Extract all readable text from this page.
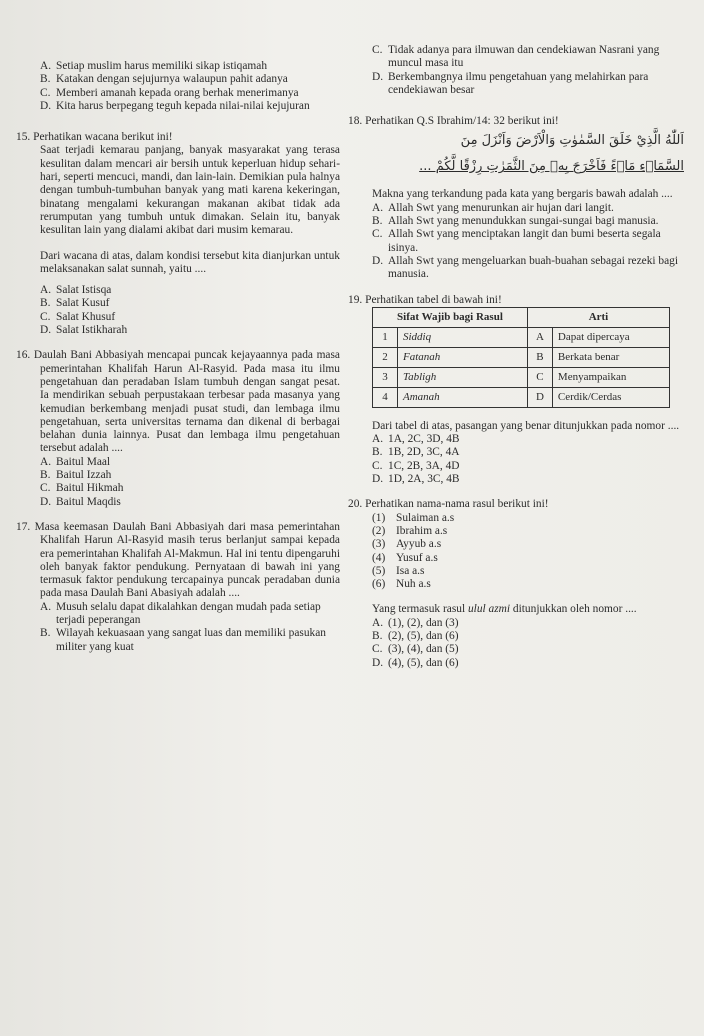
A. Setiap muslim harus memiliki sikap istiqamah
B. Katakan dengan sejujurnya walaupun pahit adanya
C. Memberi amanah kepada orang berhak menerimanya
D. Kita harus berpegang teguh kepada nilai-nilai kejujuran

15. Perhatikan wacana berikut ini!

Saat terjadi kemarau panjang, banyak masyarakat yang terasa kesulitan dalam mencari air bersih untuk keperluan hidup sehari-hari, seperti mencuci, mandi, dan lain-lain. Demikian pula halnya dengan tumbuh-tumbuhan banyak yang mati karena kekeringan, binatang mengalami kekurangan makanan akibat tidak ada rerumputan yang tumbuh untuk dimakan. Selain itu, banyak kesulitan lain yang dialami akibat dari musim kemarau.

Dari wacana di atas, dalam kondisi tersebut kita dianjurkan untuk melaksanakan salat sunnah, yaitu ....

A. Salat Istisqa
B. Salat Kusuf
C. Salat Khusuf
D. Salat Istikharah

16. Daulah Bani Abbasiyah mencapai puncak kejayaannya pada masa pemerintahan Khalifah Harun Al-Rasyid. Pada masa itu ilmu pengetahuan dan peradaban Islam tumbuh dengan sangat pesat. Ia mendirikan sebuah perpustakaan terbesar pada masanya yang kemudian berkembang menjadi pusat studi, dan lembaga ilmu pengetahuan, serta universitas ternama dan dikenal di berbagai belahan dunia lainnya. Pusat dan lembaga ilmu pengetahuan tersebut adalah ....

A. Baitul Maal
B. Baitul Izzah
C. Baitul Hikmah
D. Baitul Maqdis

17. Masa keemasan Daulah Bani Abbasiyah dari masa pemerintahan Khalifah Harun Al-Rasyid masih terus berlanjut sampai kepada era pemerintahan Khalifah Al-Makmun. Hal ini tentu dipengaruhi oleh banyak faktor pendukung. Pernyataan di bawah ini yang termasuk faktor pendukung tercapainya puncak peradaban dunia pada masa Daulah Bani Abasiyah adalah ....

A. Musuh selalu dapat dikalahkan dengan mudah pada setiap terjadi peperangan
B. Wilayah kekuasaan yang sangat luas dan memiliki pasukan militer yang kuat
C. Tidak adanya para ilmuwan dan cendekiawan Nasrani yang muncul masa itu
D. Berkembangnya ilmu pengetahuan yang melahirkan para cendekiawan besar

18. Perhatikan Q.S Ibrahim/14: 32 berikut ini!

اَللّٰهُ الَّذِيْ خَلَقَ السَّمٰوٰتِ وَالْاَرْضَ وَاَنْزَلَ مِنَ
السَّمَاۤءِ مَاۤءً فَاَخْرَجَ بِهٖ مِنَ الثَّمَرٰتِ رِزْقًا لَّكُمْ ...

Makna yang terkandung pada kata yang bergaris bawah adalah ....

A. Allah Swt yang menurunkan air hujan dari langit.
B. Allah Swt yang menundukkan sungai-sungai bagi manusia.
C. Allah Swt yang menciptakan langit dan bumi beserta segala isinya.
D. Allah Swt yang mengeluarkan buah-buahan sebagai rezeki bagi manusia.

19. Perhatikan tabel di bawah ini!

Sifat Wajib bagi Rasul		Arti	
1	Siddiq	A	Dapat dipercaya
2	Fatanah	B	Berkata benar
3	Tabligh	C	Menyampaikan
4	Amanah	D	Cerdik/Cerdas

Dari tabel di atas, pasangan yang benar ditunjukkan pada nomor ....

A. 1A, 2C, 3D, 4B
B. 1B, 2D, 3C, 4A
C. 1C, 2B, 3A, 4D
D. 1D, 2A, 3C, 4B

20. Perhatikan nama-nama rasul berikut ini!

(1) Sulaiman a.s
(2) Ibrahim a.s
(3) Ayyub a.s
(4) Yusuf a.s
(5) Isa a.s
(6) Nuh a.s

Yang termasuk rasul ulul azmi ditunjukkan oleh nomor ....

A. (1), (2), dan (3)
B. (2), (5), dan (6)
C. (3), (4), dan (5)
D. (4), (5), dan (6)
